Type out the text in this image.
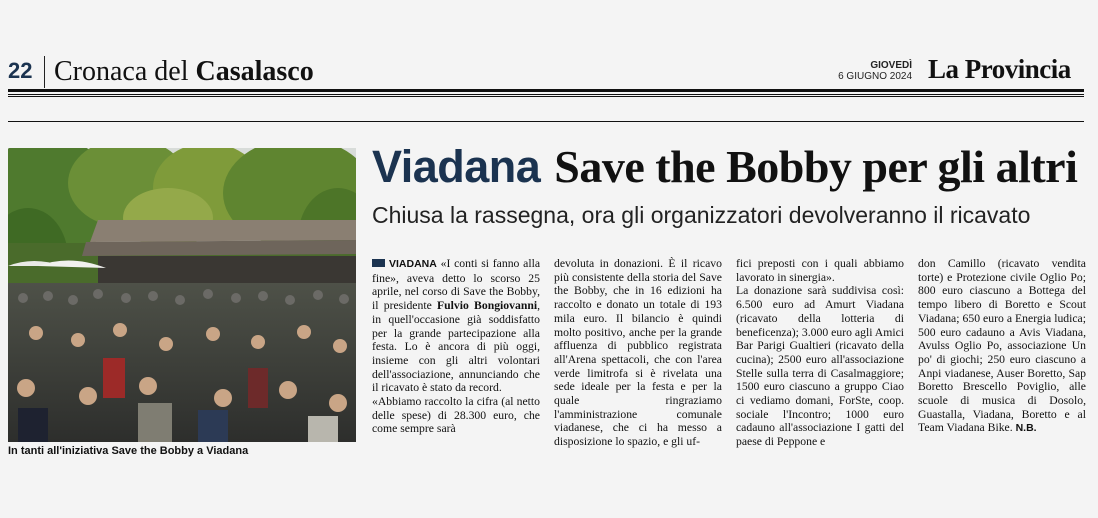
22 Cronaca del Casalasco	GIOVEDÌ
6 GIUGNO 2024 La Provincia
Viadana Save the Bobby per gli altri
Chiusa la rassegna, ora gli organizzatori devolveranno il ricavato
In tanti all'iniziativa Save the Bobby a Viadana

VIADANA «I conti si fanno alla fine», aveva detto lo scorso 25 aprile, nel corso di Save the Bobby, il presidente Fulvio Bongiovanni, in quell'occasione già soddisfatto per la grande partecipazione alla festa. Lo è ancora di più oggi, insieme con gli altri volontari dell'associazione, annunciando che il ricavato è stato da record.

«Abbiamo raccolto la cifra (al netto delle spese) di 28.300 euro, che come sempre sarà

devoluta in donazioni. È il ricavo più consistente della storia del Save the Bobby, che in 16 edizioni ha raccolto e donato un totale di 193 mila euro. Il bilancio è quindi molto positivo, anche per la grande affluenza di pubblico registrata all'Arena spettacoli, che con l'area verde limitrofa si è rivelata una sede ideale per la festa e per la quale ringraziamo l'amministrazione comunale viadanese, che ci ha messo a disposizione lo spazio, e gli uf-

fici preposti con i quali abbiamo lavorato in sinergia».

La donazione sarà suddivisa così: 6.500 euro ad Amurt Viadana (ricavato della lotteria di beneficenza); 3.000 euro agli Amici Bar Parigi Gualtieri (ricavato della cucina); 2500 euro all'associazione Stelle sulla terra di Casalmaggiore; 1500 euro ciascuno a gruppo Ciao ci vediamo domani, ForSte, coop. sociale l'Incontro; 1000 euro cadauno all'associazione I gatti del paese di Peppone e

don Camillo (ricavato vendita torte) e Protezione civile Oglio Po; 800 euro ciascuno a Bottega del tempo libero di Boretto e Scout Viadana; 650 euro a Energia ludica; 500 euro cadauno a Avis Viadana, Avulss Oglio Po, associazione Un po' di giochi; 250 euro ciascuno a Anpi viadanese, Auser Boretto, Sap Boretto Brescello Poviglio, alle scuole di musica di Dosolo, Guastalla, Viadana, Boretto e al Team Viadana Bike. N.B.
